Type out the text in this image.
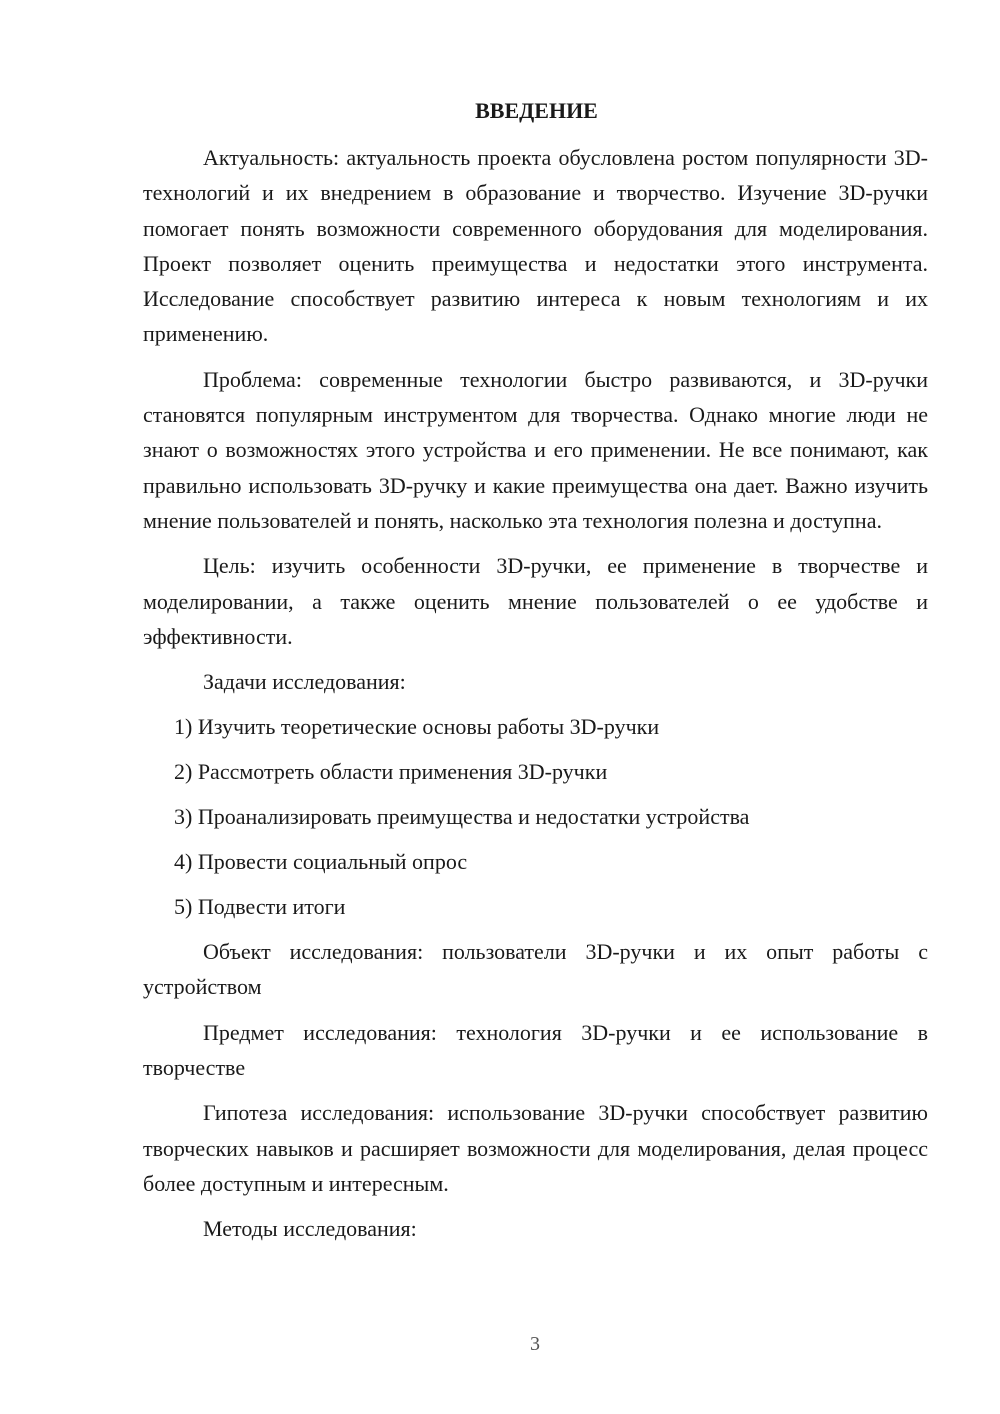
ВВЕДЕНИЕ

Актуальность: актуальность проекта обусловлена ростом популярности 3D-технологий и их внедрением в образование и творчество. Изучение 3D-ручки помогает понять возможности современного оборудования для моделирования. Проект позволяет оценить преимущества и недостатки этого инструмента. Исследование способствует развитию интереса к новым технологиям и их применению.

Проблема: современные технологии быстро развиваются, и 3D-ручки становятся популярным инструментом для творчества. Однако многие люди не знают о возможностях этого устройства и его применении. Не все понимают, как правильно использовать 3D-ручку и какие преимущества она дает. Важно изучить мнение пользователей и понять, насколько эта технология полезна и доступна.

Цель: изучить особенности 3D-ручки, ее применение в творчестве и моделировании, а также оценить мнение пользователей о ее удобстве и эффективности.

Задачи исследования:

1) Изучить теоретические основы работы 3D-ручки
2) Рассмотреть области применения 3D-ручки
3) Проанализировать преимущества и недостатки устройства
4) Провести социальный опрос
5) Подвести итоги

Объект исследования: пользователи 3D-ручки и их опыт работы с устройством

Предмет исследования: технология 3D-ручки и ее использование в творчестве

Гипотеза исследования: использование 3D-ручки способствует развитию творческих навыков и расширяет возможности для моделирования, делая процесс более доступным и интересным.

Методы исследования:

3
